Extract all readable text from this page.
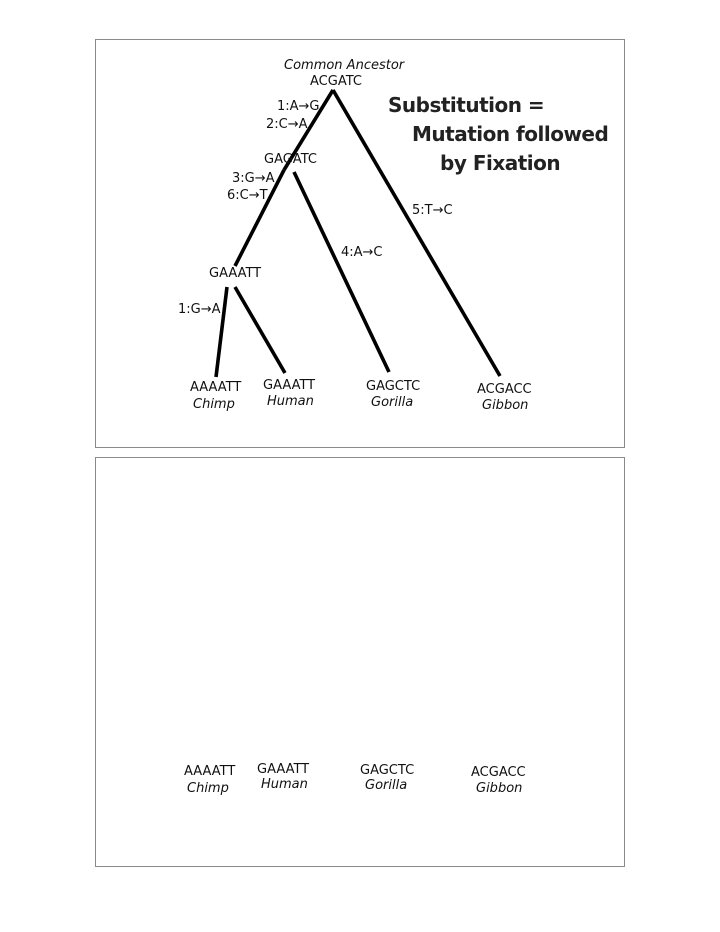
Common Ancestor
ACGATC
Substitution =
Mutation followed
by Fixation
GAGATC
GAAATT
1:A→G
2:C→A
3:G→A
6:C→T
5:T→C
4:A→C
1:G→A
AAAATT
Chimp
GAAATT
Human
GAGCTC
Gorilla
ACGACC
Gibbon
AAAATT
Chimp
GAAATT
Human
GAGCTC
Gorilla
ACGACC
Gibbon
